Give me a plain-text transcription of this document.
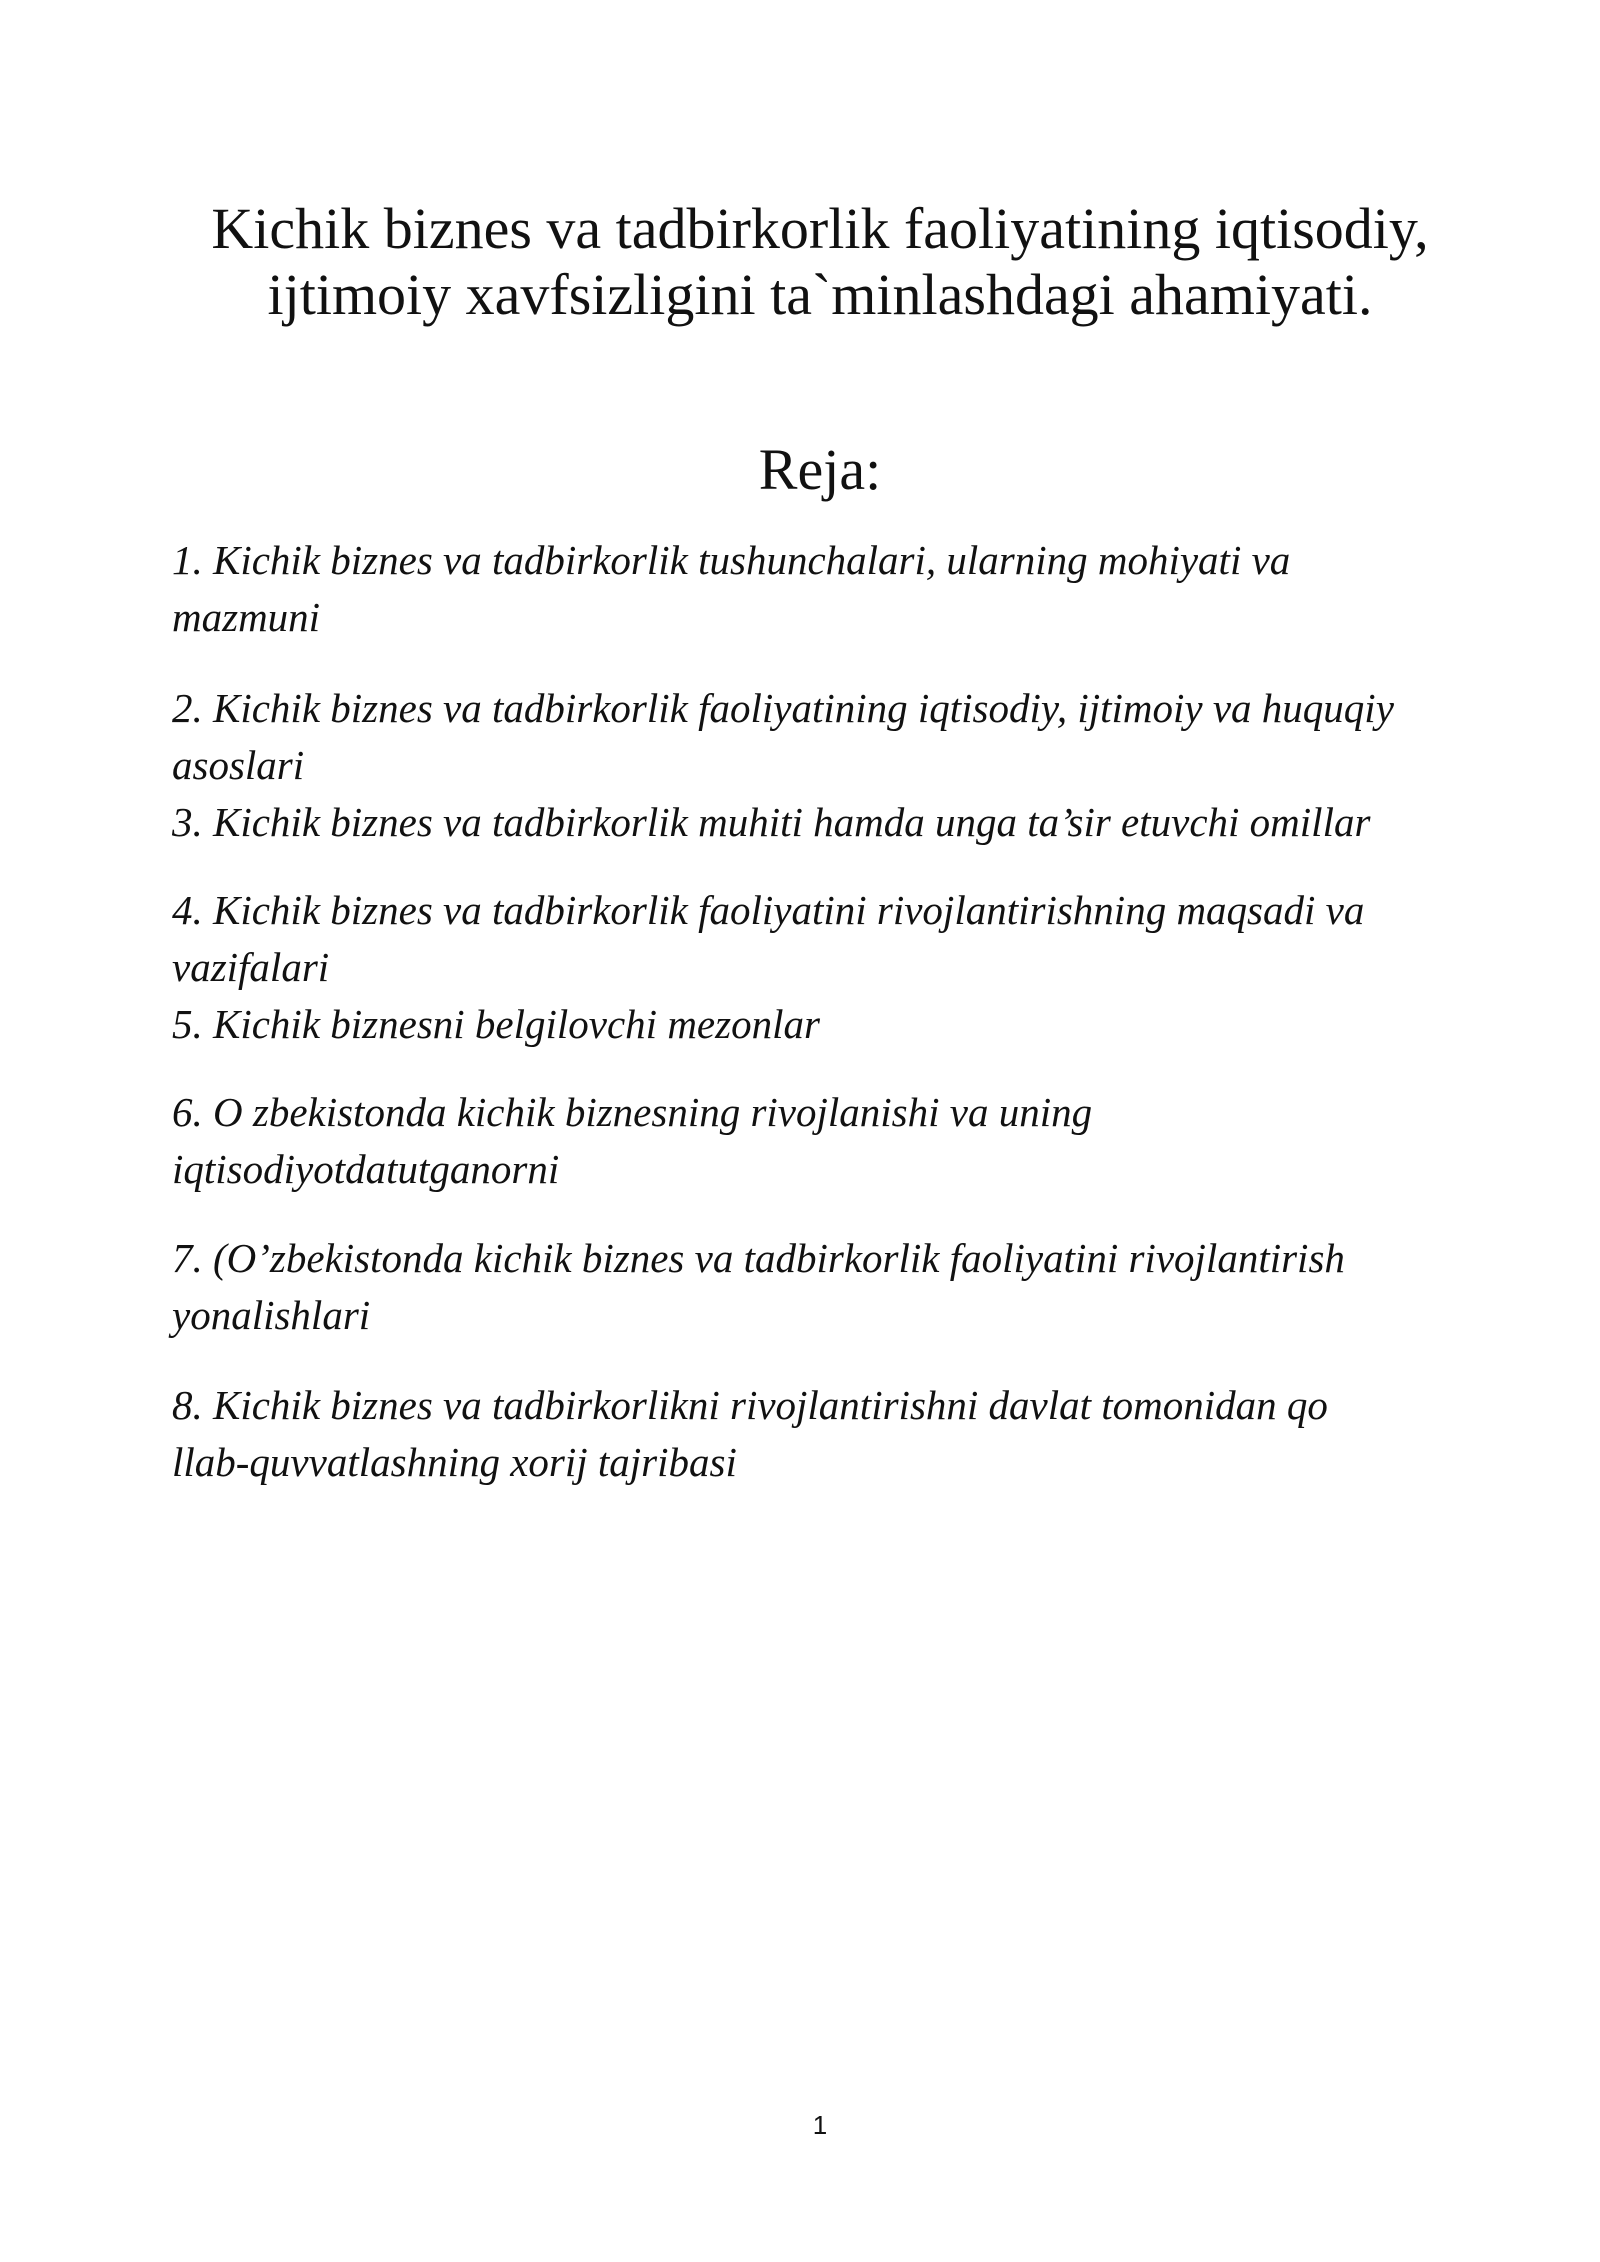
Kichik biznes va tadbirkorlik faoliyatining iqtisodiy,
ijtimoiy xavfsizligini ta`minlashdagi ahamiyati.
Reja:
1. Kichik biznes va tadbirkorlik tushunchalari, ularning mohiyati va
mazmuni
2. Kichik biznes va tadbirkorlik faoliyatining iqtisodiy, ijtimoiy va huquqiy
asoslari
3. Kichik biznes va tadbirkorlik muhiti hamda unga ta’sir etuvchi omillar
4. Kichik biznes va tadbirkorlik faoliyatini rivojlantirishning maqsadi va
vazifalari
5. Kichik biznesni belgilovchi mezonlar
6. O zbekistonda kichik biznesning rivojlanishi va uning
iqtisodiyotdatutganorni
7. (O’zbekistonda kichik biznes va tadbirkorlik faoliyatini rivojlantirish
yonalishlari
8. Kichik biznes va tadbirkorlikni rivojlantirishni davlat tomonidan qo
llab-quvvatlashning xorij tajribasi
1
